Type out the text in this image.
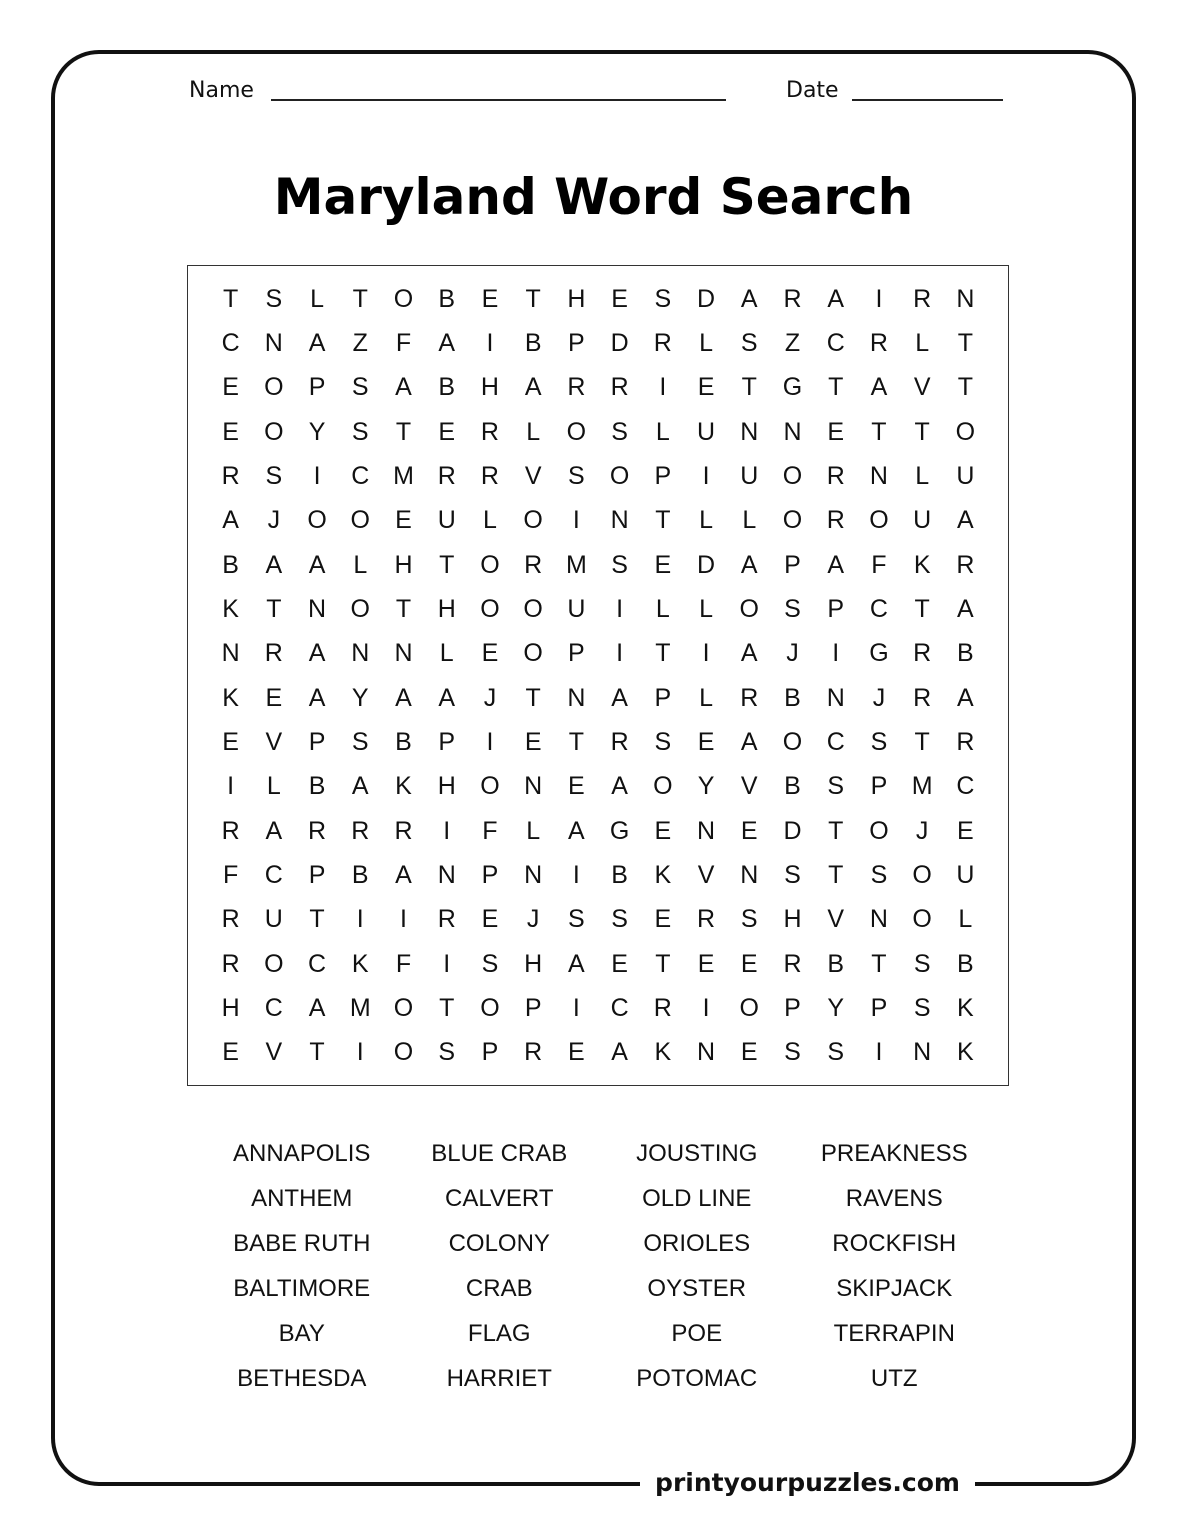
Name	Date
Maryland Word Search
T	S	L	T	O	B	E	T	H	E	S	D	A	R	A	I	R	N
C	N	A	Z	F	A	I	B	P	D	R	L	S	Z	C	R	L	T
E	O	P	S	A	B	H	A	R	R	I	E	T	G	T	A	V	T
E	O	Y	S	T	E	R	L	O	S	L	U	N	N	E	T	T	O
R	S	I	C M R	R	V	S	O	P	I	U O R	N	L	U
A	J	O O	E	U	L	O	I	N	T	L	L	O R O U	A
B	A	A	L	H	T	O R M S	E	D	A	P	A	F	K	R
K	T	N O	T	H O O U	I	L	L	O	S	P	C	T	A
N	R	A	N	N	L	E	O	P	I	T	I	A	J	I	G R	B
K	E	A	Y	A	A	J	T	N	A	P	L	R	B	N	J	R	A
E	V	P	S	B	P	I	E	T	R	S	E	A	O C	S	T	R
I	L	B	A	K	H O N	E	A	O	Y	V	B	S	P M C
R	A	R	R	R	I	F	L	A	G	E	N	E	D	T	O	J	E
F	C	P	B	A	N	P	N	I	B	K	V	N	S	T	S	O U
R	U	T	I	I	R	E	J	S	S	E	R	S	H	V	N O	L
R O C	K	F	I	S	H	A	E	T	E	E	R	B	T	S	B
H	C	A M O	T	O	P	I	C	R	I	O	P	Y	P	S	K
E	V	T	I	O	S	P	R	E	A	K	N	E	S	S	I	N	K
ANNAPOLIS
ANTHEM
BABE RUTH
BALTIMORE
BAY
BETHESDA
BLUE CRAB
CALVERT
COLONY
CRAB
FLAG
HARRIET
JOUSTING
OLD LINE
ORIOLES
OYSTER
POE
POTOMAC
PREAKNESS
RAVENS
ROCKFISH
SKIPJACK
TERRAPIN
UTZ
printyourpuzzles.com
